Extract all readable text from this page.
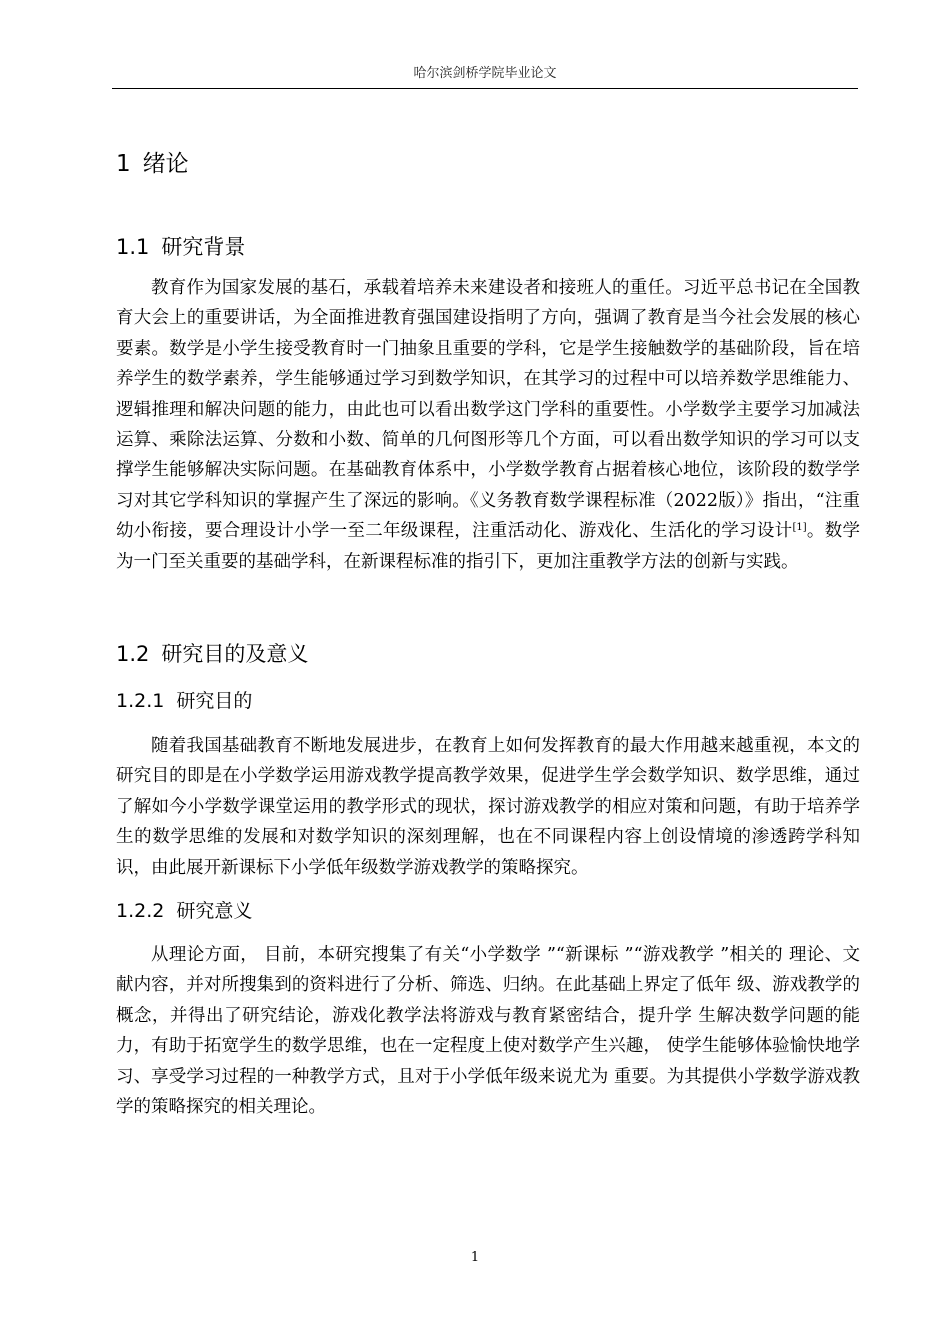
哈尔滨剑桥学院毕业论文
1 绪论
1.1 研究背景

教育作为国家发展的基石，承载着培养未来建设者和接班人的重任。习近平总书记在全国教育大会上的重要讲话，为全面推进教育强国建设指明了方向，强调了教育是当今社会发展的核心要素。数学是小学生接受教育时一门抽象且重要的学科，它是学生接触数学的基础阶段，旨在培养学生的数学素养，学生能够通过学习到数学知识，在其学习的过程中可以培养数学思维能力、逻辑推理和解决问题的能力，由此也可以看出数学这门学科的重要性。小学数学主要学习加减法运算、乘除法运算、分数和小数、简单的几何图形等几个方面，可以看出数学知识的学习可以支撑学生能够解决实际问题。在基础教育体系中，小学数学教育占据着核心地位，该阶段的数学学习对其它学科知识的掌握产生了深远的影响。《义务教育数学课程标准（2022版）》指出，“注重幼小衔接，要合理设计小学一至二年级课程，注重活动化、游戏化、生活化的学习设计[1]。数学为一门至关重要的基础学科，在新课程标准的指引下，更加注重教学方法的创新与实践。

1.2 研究目的及意义
1.2.1 研究目的

随着我国基础教育不断地发展进步，在教育上如何发挥教育的最大作用越来越重视，本文的研究目的即是在小学数学运用游戏教学提高教学效果，促进学生学会数学知识、数学思维，通过了解如今小学数学课堂运用的教学形式的现状，探讨游戏教学的相应对策和问题，有助于培养学生的数学思维的发展和对数学知识的深刻理解，也在不同课程内容上创设情境的渗透跨学科知识，由此展开新课标下小学低年级数学游戏教学的策略探究。

1.2.2 研究意义

从理论方面， 目前，本研究搜集了有关“小学数学 ”“新课标 ”“游戏教学 ”相关的 理论、文献内容，并对所搜集到的资料进行了分析、筛选、归纳。在此基础上界定了低年 级、游戏教学的概念，并得出了研究结论，游戏化教学法将游戏与教育紧密结合，提升学 生解决数学问题的能力，有助于拓宽学生的数学思维，也在一定程度上使对数学产生兴趣， 使学生能够体验愉快地学习、享受学习过程的一种教学方式，且对于小学低年级来说尤为 重要。为其提供小学数学游戏教学的策略探究的相关理论。

1
